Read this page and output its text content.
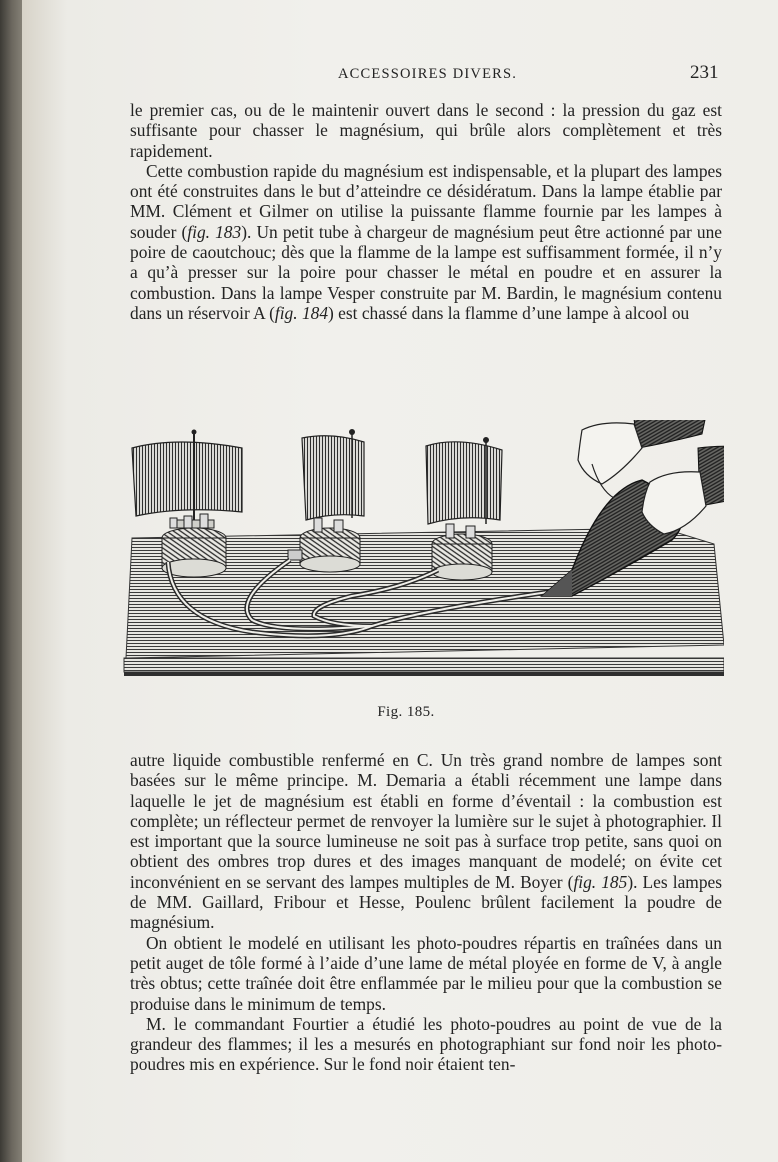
ACCESSOIRES DIVERS.	231

le premier cas, ou de le maintenir ouvert dans le second : la pression du gaz est suffisante pour chasser le magnésium, qui brûle alors complètement et très rapidement.

Cette combustion rapide du magnésium est indispensable, et la plupart des lampes ont été construites dans le but d’atteindre ce désidératum. Dans la lampe établie par MM. Clément et Gilmer on utilise la puissante flamme fournie par les lampes à souder (fig. 183). Un petit tube à chargeur de magnésium peut être actionné par une poire de caoutchouc; dès que la flamme de la lampe est suffisamment formée, il n’y a qu’à presser sur la poire pour chasser le métal en poudre et en assurer la combustion. Dans la lampe Vesper construite par M. Bardin, le magnésium contenu dans un réservoir A (fig. 184) est chassé dans la flamme d’une lampe à alcool ou

Fig. 185.

autre liquide combustible renfermé en C. Un très grand nombre de lampes sont basées sur le même principe. M. Demaria a établi récemment une lampe dans laquelle le jet de magnésium est établi en forme d’éventail : la combustion est complète; un réflecteur permet de renvoyer la lumière sur le sujet à photographier. Il est important que la source lumineuse ne soit pas à surface trop petite, sans quoi on obtient des ombres trop dures et des images manquant de modelé; on évite cet inconvénient en se servant des lampes multiples de M. Boyer (fig. 185). Les lampes de MM. Gaillard, Fribour et Hesse, Poulenc brûlent facilement la poudre de magnésium.

On obtient le modelé en utilisant les photo-poudres répartis en traînées dans un petit auget de tôle formé à l’aide d’une lame de métal ployée en forme de V, à angle très obtus; cette traînée doit être enflammée par le milieu pour que la combustion se produise dans le minimum de temps.

M. le commandant Fourtier a étudié les photo-poudres au point de vue de la grandeur des flammes; il les a mesurés en photographiant sur fond noir les photo-poudres mis en expérience. Sur le fond noir étaient ten-
